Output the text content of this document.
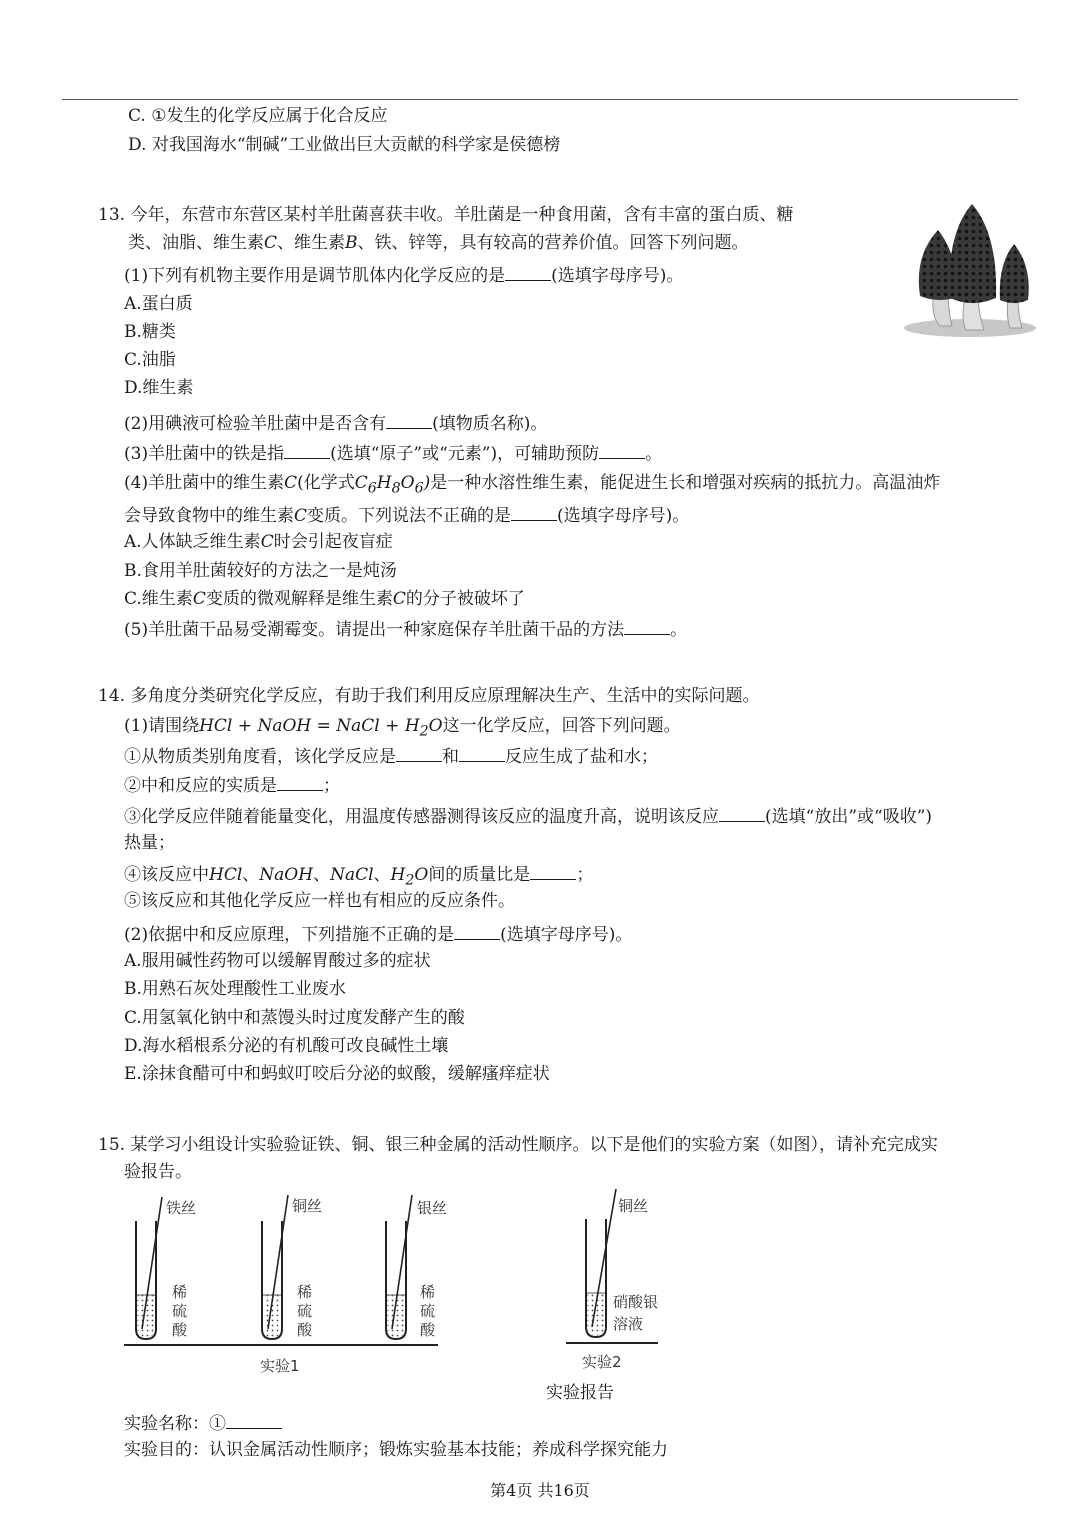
C. ①发生的化学反应属于化合反应
D. 对我国海水“制碱”工业做出巨大贡献的科学家是侯德榜
13. 今年，东营市东营区某村羊肚菌喜获丰收。羊肚菌是一种食用菌，含有丰富的蛋白质、糖
类、油脂、维生素C、维生素B、铁、锌等，具有较高的营养价值。回答下列问题。
(1)下列有机物主要作用是调节肌体内化学反应的是	(选填字母序号)。
A.蛋白质
B.糖类
C.油脂
D.维生素
(2)用碘液可检验羊肚菌中是否含有	(填物质名称)。
(3)羊肚菌中的铁是指	(选填“原子”或“元素”)，可辅助预防	。
(4)羊肚菌中的维生素C(化学式$C_6H_8O_6$)是一种水溶性维生素，能促进生长和增强对疾病的抵抗力。高温油炸
会导致食物中的维生素C变质。下列说法不正确的是	(选填字母序号)。
A.人体缺乏维生素C时会引起夜盲症
B.食用羊肚菌较好的方法之一是炖汤
C.维生素C变质的微观解释是维生素C的分子被破坏了
(5)羊肚菌干品易受潮霉变。请提出一种家庭保存羊肚菌干品的方法	。
14. 多角度分类研究化学反应，有助于我们利用反应原理解决生产、生活中的实际问题。
(1)请围绕HCl + NaOH = NaCl + $H_2O$这一化学反应，回答下列问题。
①从物质类别角度看，该化学反应是	和	反应生成了盐和水；
②中和反应的实质是	；
③化学反应伴随着能量变化，用温度传感器测得该反应的温度升高，说明该反应	(选填“放出”或“吸收”)
热量；
④该反应中HCl、NaOH、NaCl、$H_2O$间的质量比是	；
⑤该反应和其他化学反应一样也有相应的反应条件。
(2)依据中和反应原理，下列措施不正确的是	(选填字母序号)。
A.服用碱性药物可以缓解胃酸过多的症状
B.用熟石灰处理酸性工业废水
C.用氢氧化钠中和蒸馒头时过度发酵产生的酸
D.海水稻根系分泌的有机酸可改良碱性土壤
E.涂抹食醋可中和蚂蚁叮咬后分泌的蚁酸，缓解瘙痒症状
15. 某学习小组设计实验验证铁、铜、银三种金属的活动性顺序。以下是他们的实验方案（如图），请补充完成实
验报告。
铁丝
稀
硫
酸
铜丝
稀
硫
酸
银丝
稀
硫
酸
实验1
铜丝
硝酸银
溶液
实验2
实验报告
实验名称：①
实验目的：认识金属活动性顺序；锻炼实验基本技能；养成科学探究能力
第4页 共16页
